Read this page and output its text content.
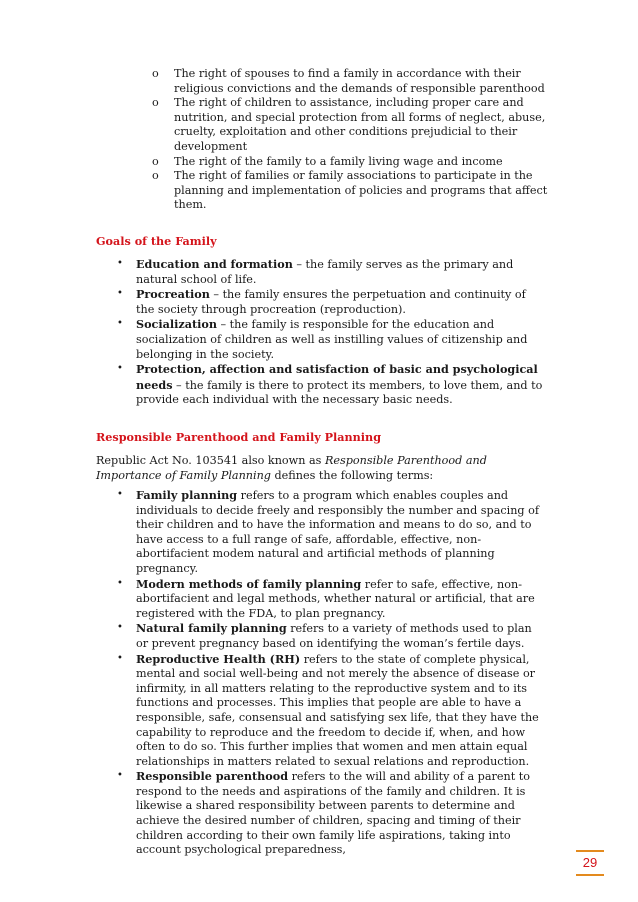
o The right of spouses to find a family in accordance with their religious convictions and the demands of responsible parenthood
o The right of children to assistance, including proper care and nutrition, and special protection from all forms of neglect, abuse, cruelty, exploitation and other conditions prejudicial to their development
o The right of the family to a family living wage and income
o The right of families or family associations to participate in the planning and implementation of policies and programs that affect them.
Goals of the Family
• Education and formation – the family serves as the primary and natural school of life.
• Procreation – the family ensures the perpetuation and continuity of the society through procreation (reproduction).
• Socialization – the family is responsible for the education and socialization of children as well as instilling values of citizenship and belonging in the society.
• Protection, affection and satisfaction of basic and psychological needs – the family is there to protect its members, to love them, and to provide each individual with the necessary basic needs.
Responsible Parenthood and Family Planning

Republic Act No. 103541 also known as Responsible Parenthood and Importance of Family Planning defines the following terms:

• Family planning refers to a program which enables couples and individuals to decide freely and responsibly the number and spacing of their children and to have the information and means to do so, and to have access to a full range of safe, affordable, effective, non-abortifacient modem natural and artificial methods of planning pregnancy.
• Modern methods of family planning refer to safe, effective, non-abortifacient and legal methods, whether natural or artificial, that are registered with the FDA, to plan pregnancy.
• Natural family planning refers to a variety of methods used to plan or prevent pregnancy based on identifying the woman’s fertile days.
• Reproductive Health (RH) refers to the state of complete physical, mental and social well-being and not merely the absence of disease or infirmity, in all matters relating to the reproductive system and to its functions and processes. This implies that people are able to have a responsible, safe, consensual and satisfying sex life, that they have the capability to reproduce and the freedom to decide if, when, and how often to do so. This further implies that women and men attain equal relationships in matters related to sexual relations and reproduction.
• Responsible parenthood refers to the will and ability of a parent to respond to the needs and aspirations of the family and children. It is likewise a shared responsibility between parents to determine and achieve the desired number of children, spacing and timing of their children according to their own family life aspirations, taking into account psychological preparedness,
29
